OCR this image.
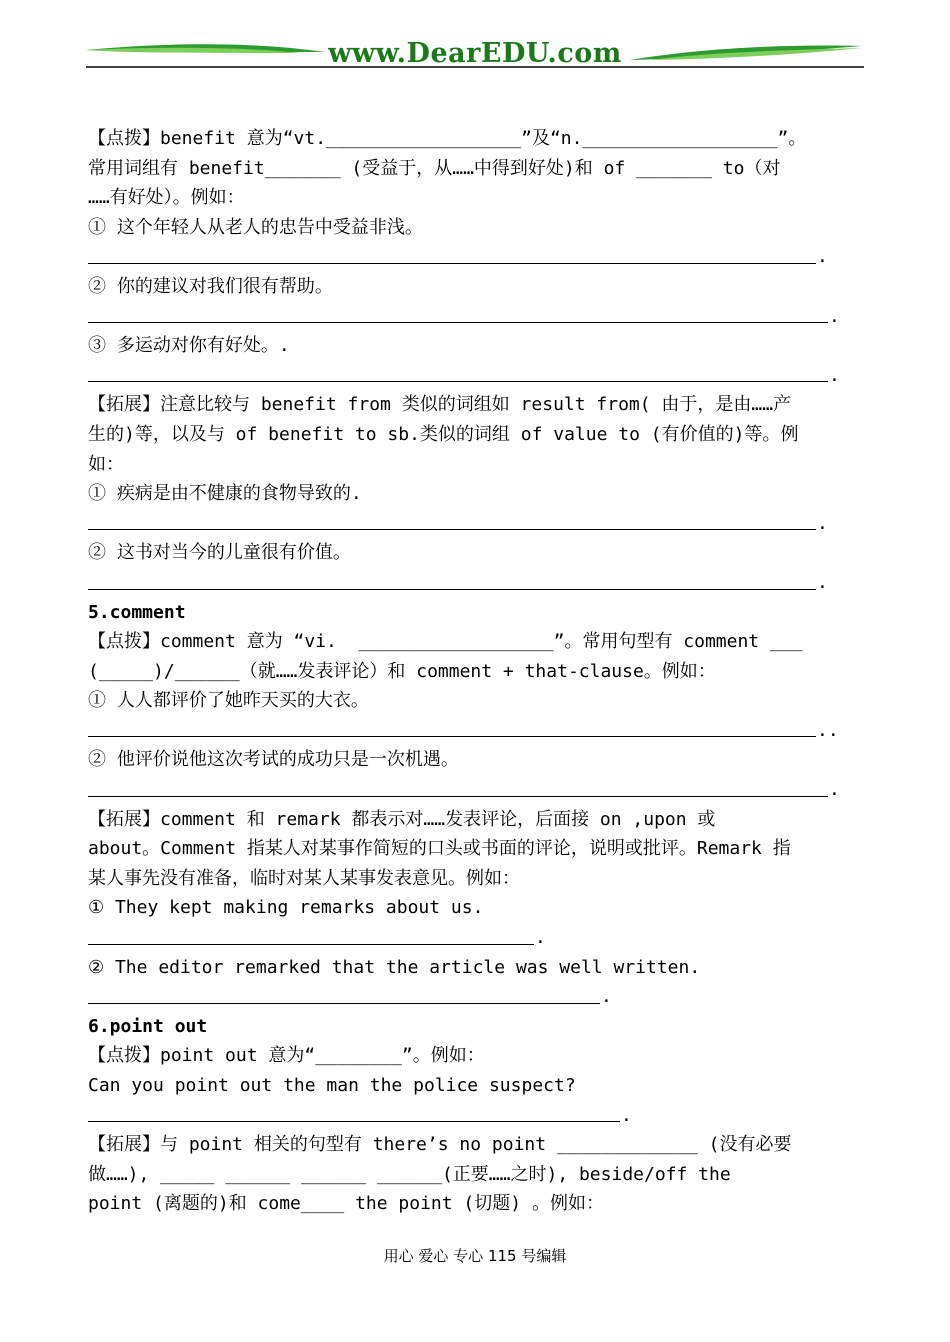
www.DearEDU.com
【点拨】benefit 意为“vt.__________________”及“n.__________________”。
常用词组有 benefit_______ (受益于，从……中得到好处)和 of _______ to（对
……有好处）。例如：
① 这个年轻人从老人的忠告中受益非浅。
.
② 你的建议对我们很有帮助。
.
③ 多运动对你有好处。.
.
【拓展】注意比较与 benefit from 类似的词组如 result from( 由于，是由……产
生的)等，以及与 of benefit to sb.类似的词组 of value to (有价值的)等。例
如：
① 疾病是由不健康的食物导致的.
.
② 这书对当今的儿童很有价值。
.
5.comment
【点拨】comment 意为 “vi.  __________________”。常用句型有 comment ___
(_____)/______（就……发表评论）和 comment + that-clause。例如：
① 人人都评价了她昨天买的大衣。
..
② 他评价说他这次考试的成功只是一次机遇。
.
【拓展】comment 和 remark 都表示对……发表评论，后面接 on ,upon 或
about。Comment 指某人对某事作简短的口头或书面的评论，说明或批评。Remark 指
某人事先没有准备，临时对某人某事发表意见。例如：
① They kept making remarks about us.
.
② The editor remarked that the article was well written.
.
6.point out
【点拨】point out 意为“________”。例如：
Can you point out the man the police suspect?
.
【拓展】与 point 相关的句型有 there’s no point _____________ (没有必要
做……), _____ ______ ______ ______(正要……之时), beside/off the
point (离题的)和 come____ the point (切题) 。例如：
用心 爱心 专心 115 号编辑
